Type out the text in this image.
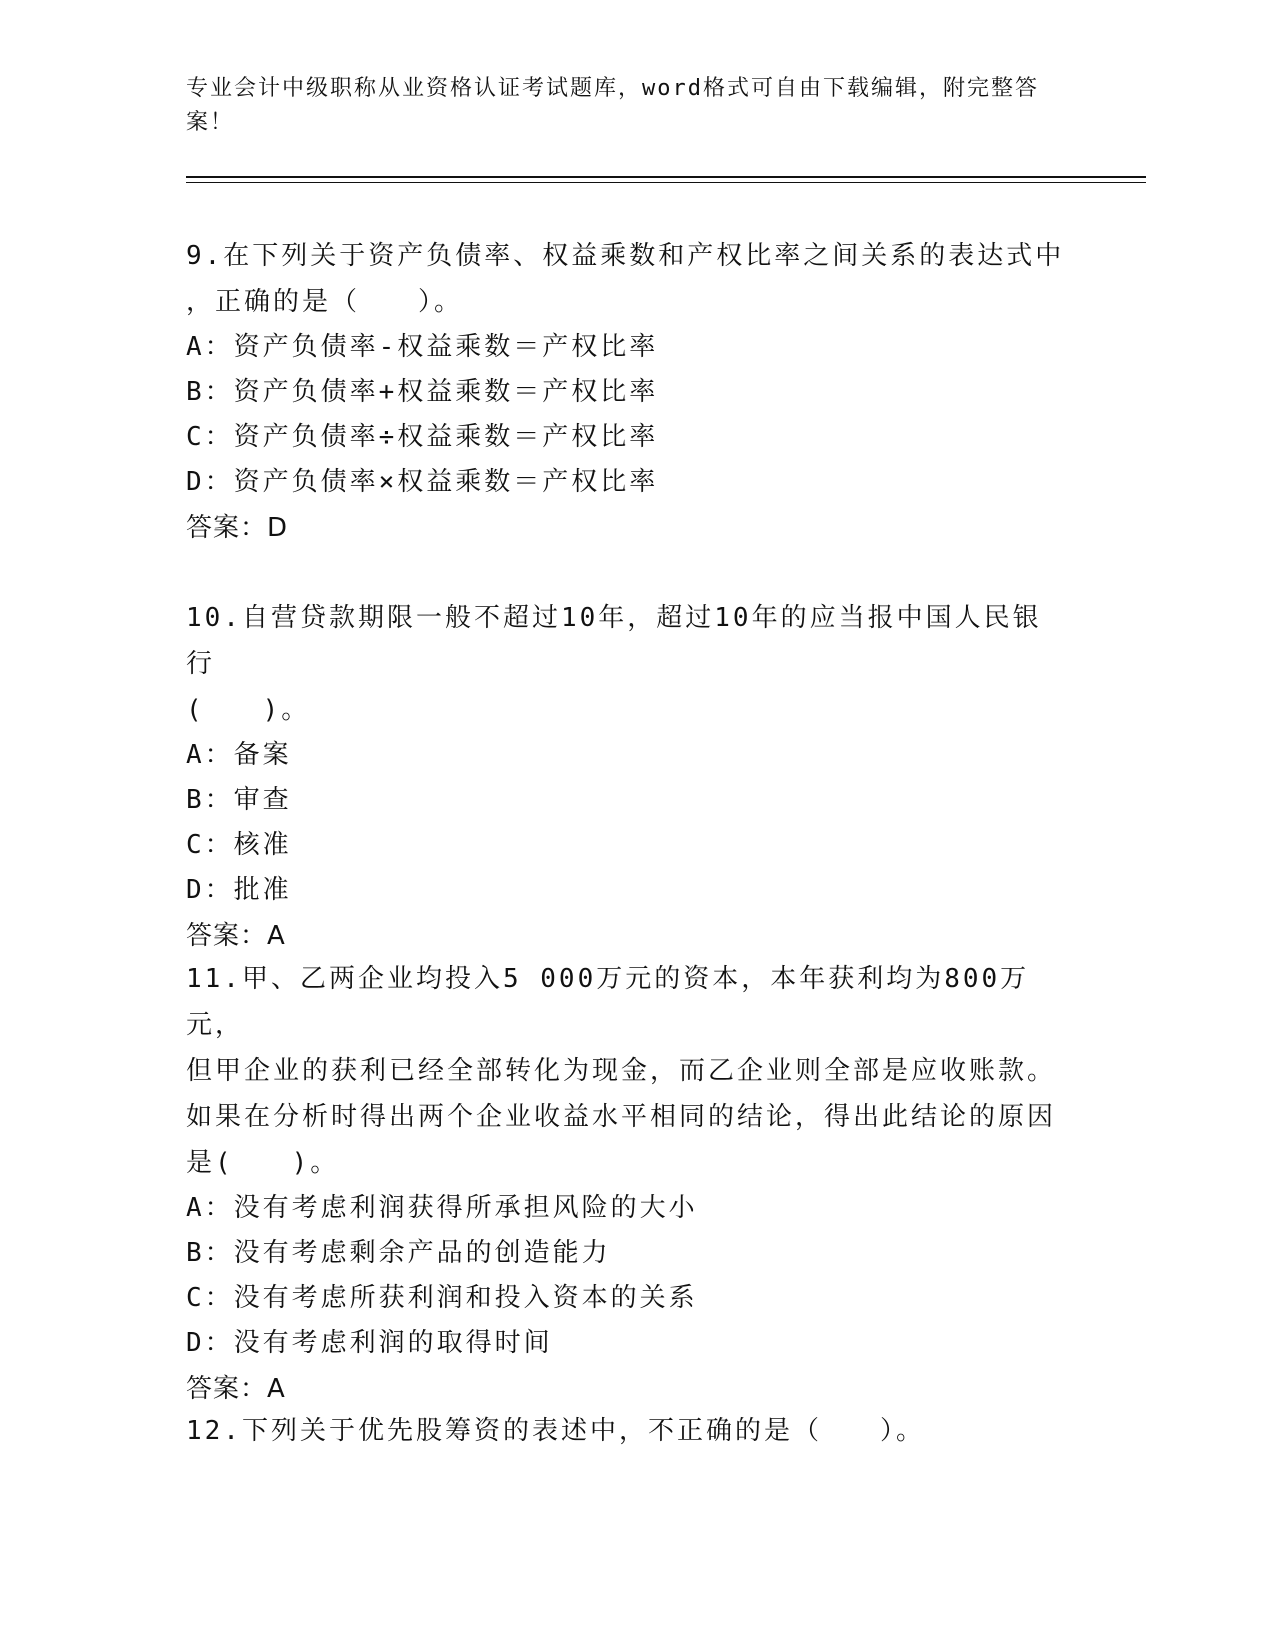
专业会计中级职称从业资格认证考试题库，word格式可自由下载编辑，附完整答案！
9.在下列关于资产负债率、权益乘数和产权比率之间关系的表达式中
，正确的是（　　）。
A：资产负债率-权益乘数＝产权比率
B：资产负债率+权益乘数＝产权比率
C：资产负债率÷权益乘数＝产权比率
D：资产负债率×权益乘数＝产权比率
答案：D
10.自营贷款期限一般不超过10年，超过10年的应当报中国人民银行
(　　)。
A：备案
B：审查
C：核准
D：批准
答案：A
11.甲、乙两企业均投入5 000万元的资本，本年获利均为800万元，
但甲企业的获利已经全部转化为现金，而乙企业则全部是应收账款。
如果在分析时得出两个企业收益水平相同的结论，得出此结论的原因
是(　　)。
A：没有考虑利润获得所承担风险的大小
B：没有考虑剩余产品的创造能力
C：没有考虑所获利润和投入资本的关系
D：没有考虑利润的取得时间
答案：A
12.下列关于优先股筹资的表述中，不正确的是（　　）。
